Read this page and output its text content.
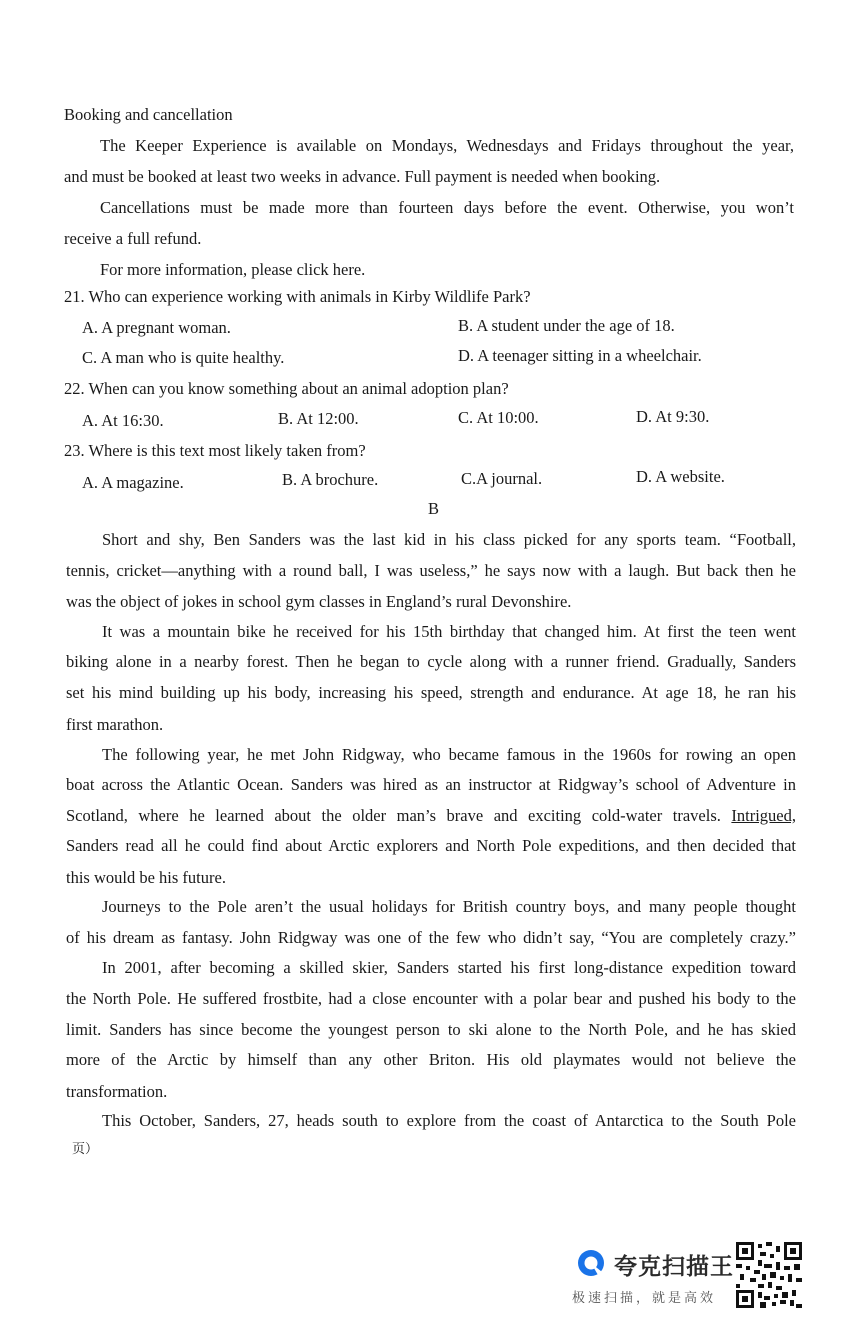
Booking and cancellation
The Keeper Experience is available on Mondays, Wednesdays and Fridays throughout the year,
and must be booked at least two weeks in advance. Full payment is needed when booking.
Cancellations must be made more than fourteen days before the event. Otherwise, you won’t
receive a full refund.
For more information, please click here.
21. Who can experience working with animals in Kirby Wildlife Park?
A. A pregnant woman.	B. A student under the age of 18.
C. A man who is quite healthy.	D. A teenager sitting in a wheelchair.
22. When can you know something about an animal adoption plan?
A. At 16:30.	B. At 12:00.	C. At 10:00.	D. At 9:30.
23. Where is this text most likely taken from?
A. A magazine.	B. A brochure.	C.A journal.	D. A website.
B
Short and shy, Ben Sanders was the last kid in his class picked for any sports team. “Football,
tennis, cricket—anything with a round ball, I was useless,” he says now with a laugh. But back then he
was the object of jokes in school gym classes in England’s rural Devonshire.
It was a mountain bike he received for his 15th birthday that changed him. At first the teen went
biking alone in a nearby forest. Then he began to cycle along with a runner friend. Gradually, Sanders
set his mind building up his body, increasing his speed, strength and endurance. At age 18, he ran his
first marathon.
The following year, he met John Ridgway, who became famous in the 1960s for rowing an open
boat across the Atlantic Ocean. Sanders was hired as an instructor at Ridgway’s school of Adventure in
Scotland, where he learned about the older man’s brave and exciting cold-water travels. Intrigued,
Sanders read all he could find about Arctic explorers and North Pole expeditions, and then decided that
this would be his future.
Journeys to the Pole aren’t the usual holidays for British country boys, and many people thought
of his dream as fantasy. John Ridgway was one of the few who didn’t say, “You are completely crazy.”
In 2001, after becoming a skilled skier, Sanders started his first long-distance expedition toward
the North Pole. He suffered frostbite, had a close encounter with a polar bear and pushed his body to the
limit. Sanders has since become the youngest person to ski alone to the North Pole, and he has skied
more of the Arctic by himself than any other Briton. His old playmates would not believe the
transformation.
This October, Sanders, 27, heads south to explore from the coast of Antarctica to the South Pole
页）
夸克扫描王
极速扫描，就是高效
